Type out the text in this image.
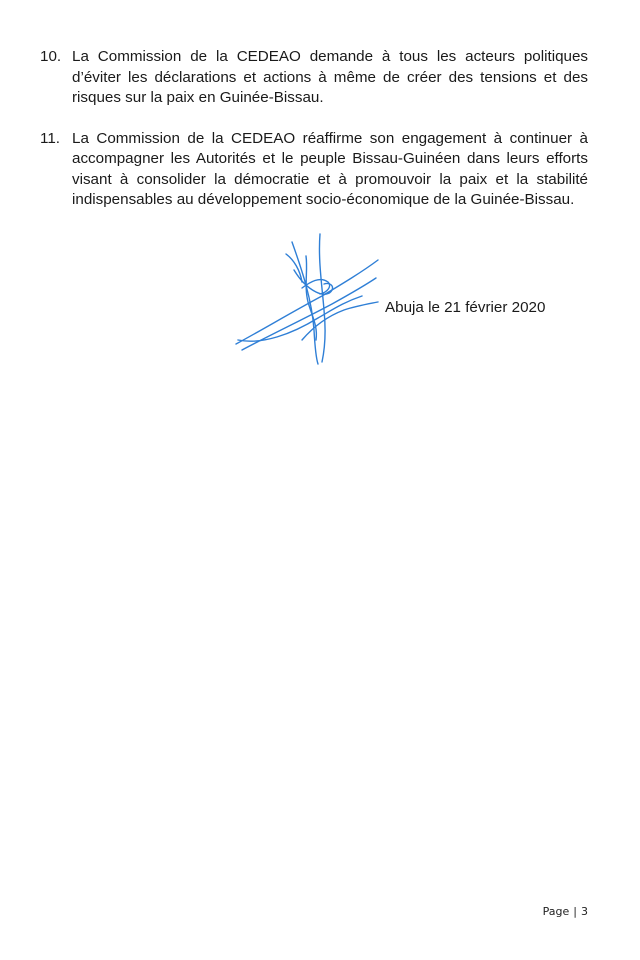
10. La Commission de la CEDEAO demande à tous les acteurs politiques d’éviter les déclarations et actions à même de créer des tensions et des risques sur la paix en Guinée-Bissau.
11. La Commission de la CEDEAO réaffirme son engagement à continuer à accompagner les Autorités et le peuple Bissau-Guinéen dans leurs efforts visant à consolider la démocratie et à promouvoir la paix et la stabilité indispensables au développement socio-économique de la Guinée-Bissau.
Abuja le 21 février 2020
Page | 3
